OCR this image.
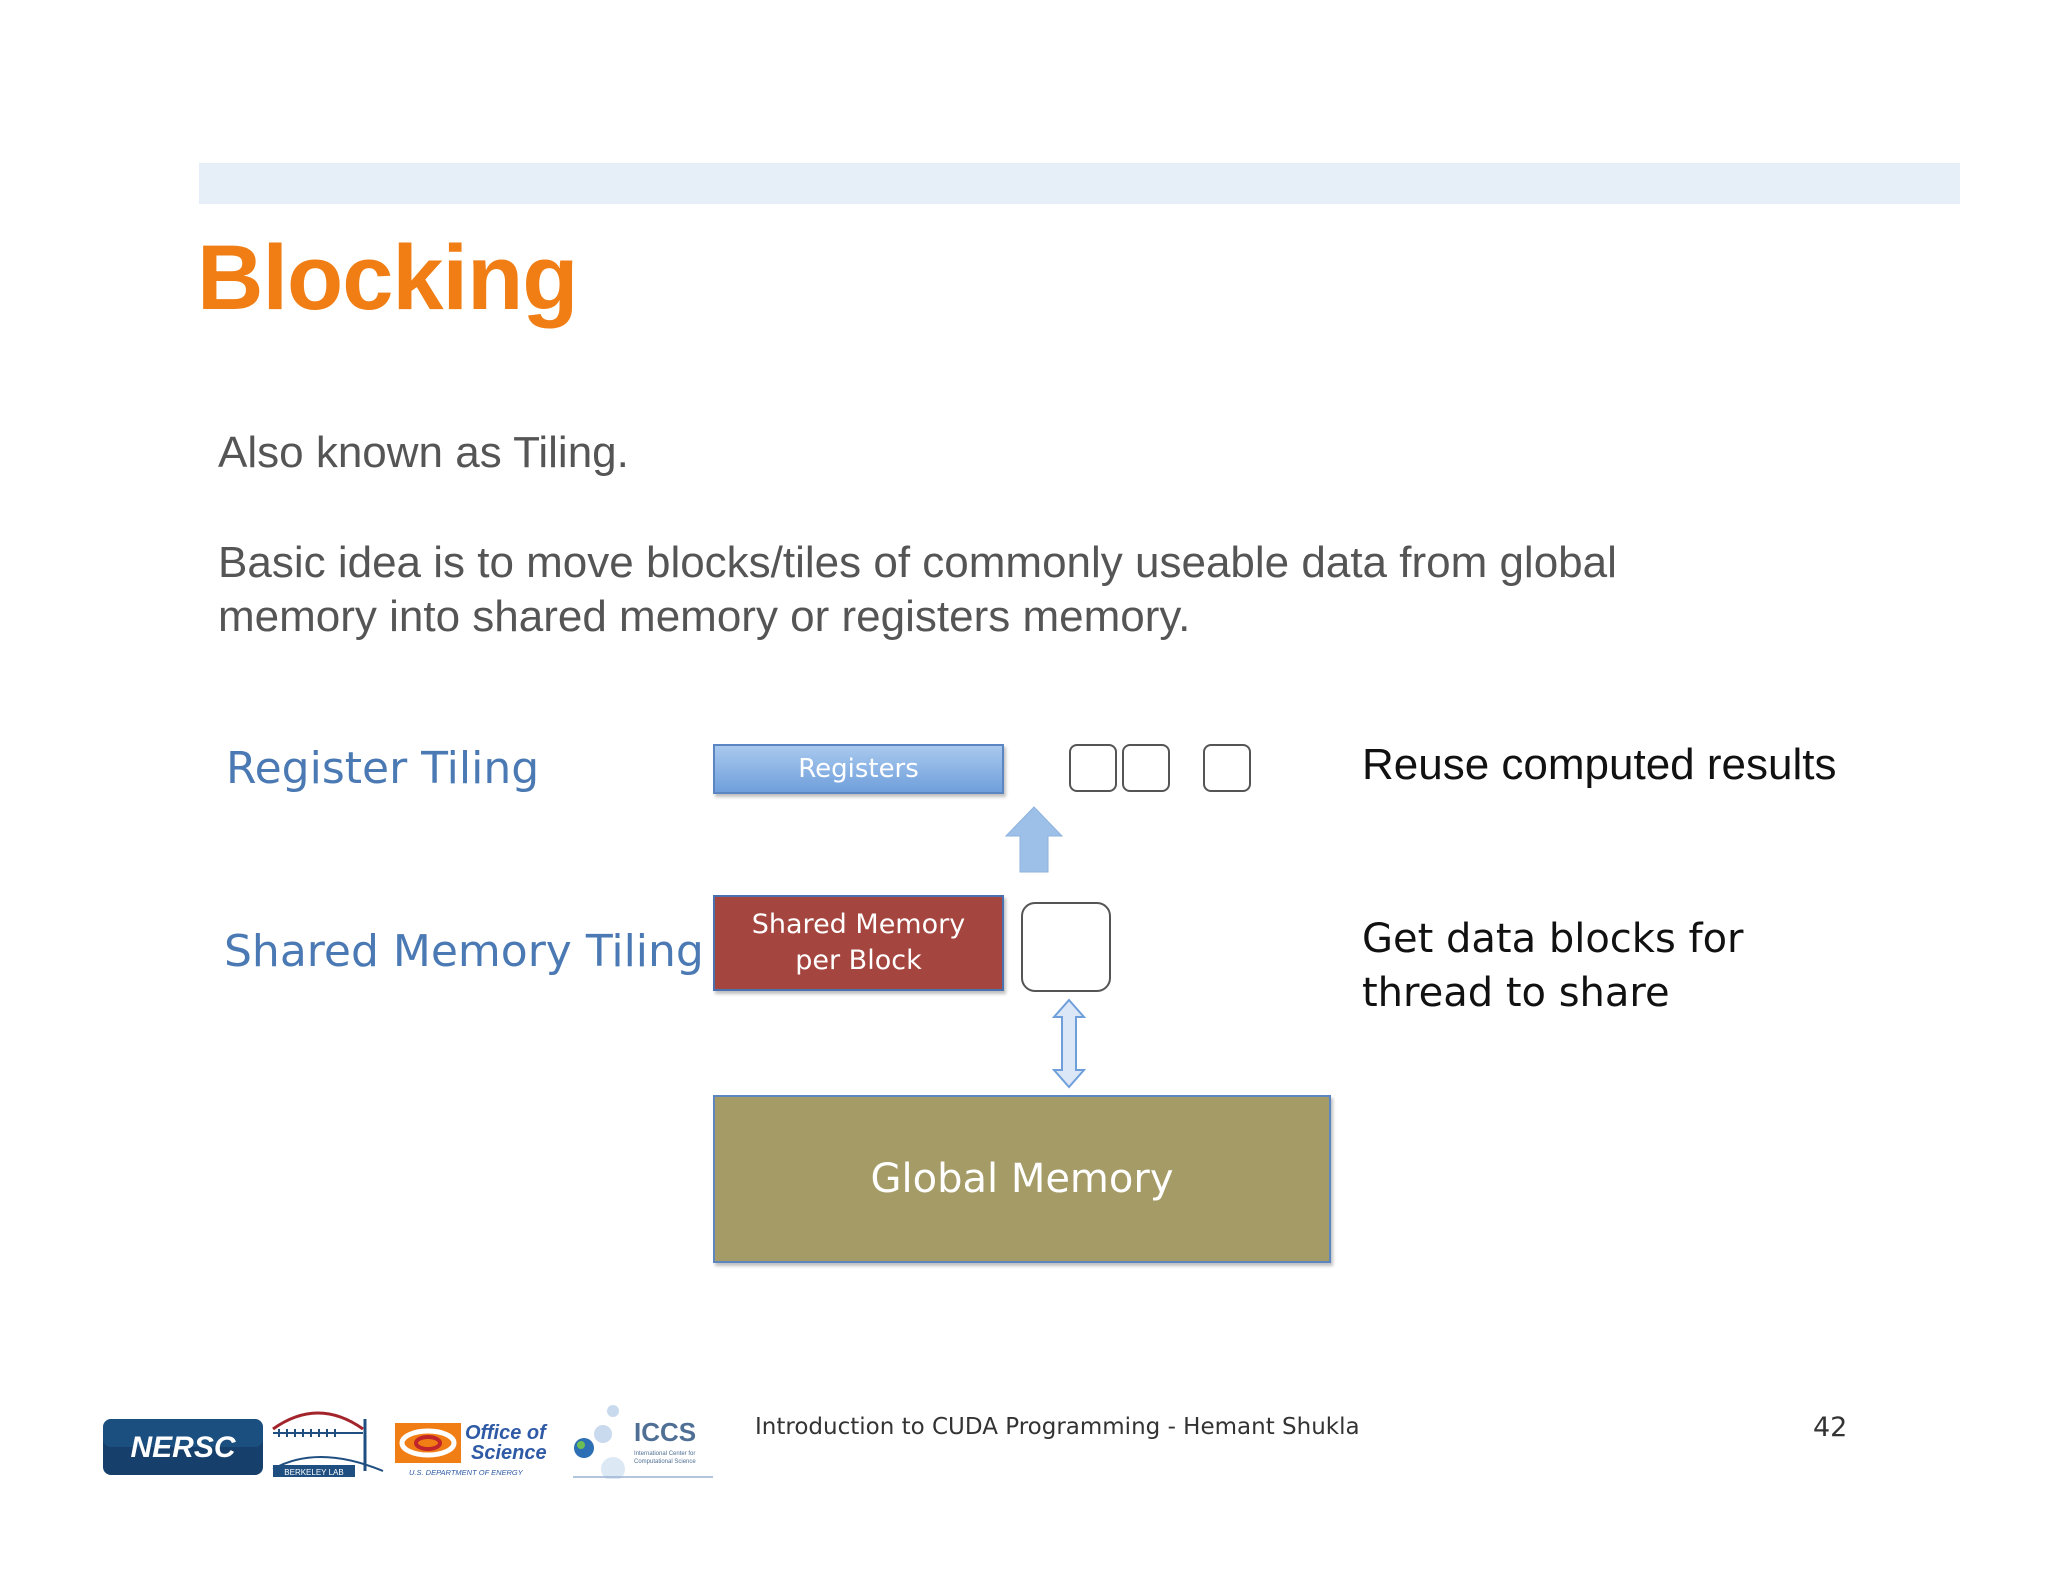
Blocking
Also known as Tiling.
Basic idea is to move blocks/tiles of commonly useable data from global memory into shared memory or registers memory.
Register Tiling
Shared Memory Tiling
Registers
Shared Memory
per Block
Global Memory
Reuse computed results
Get data blocks for thread to share
NERSC
BERKELEY LAB
Office of
Science
U.S. DEPARTMENT OF ENERGY
ICCS
International Center for
Computational Science
Introduction to CUDA Programming - Hemant Shukla	42
